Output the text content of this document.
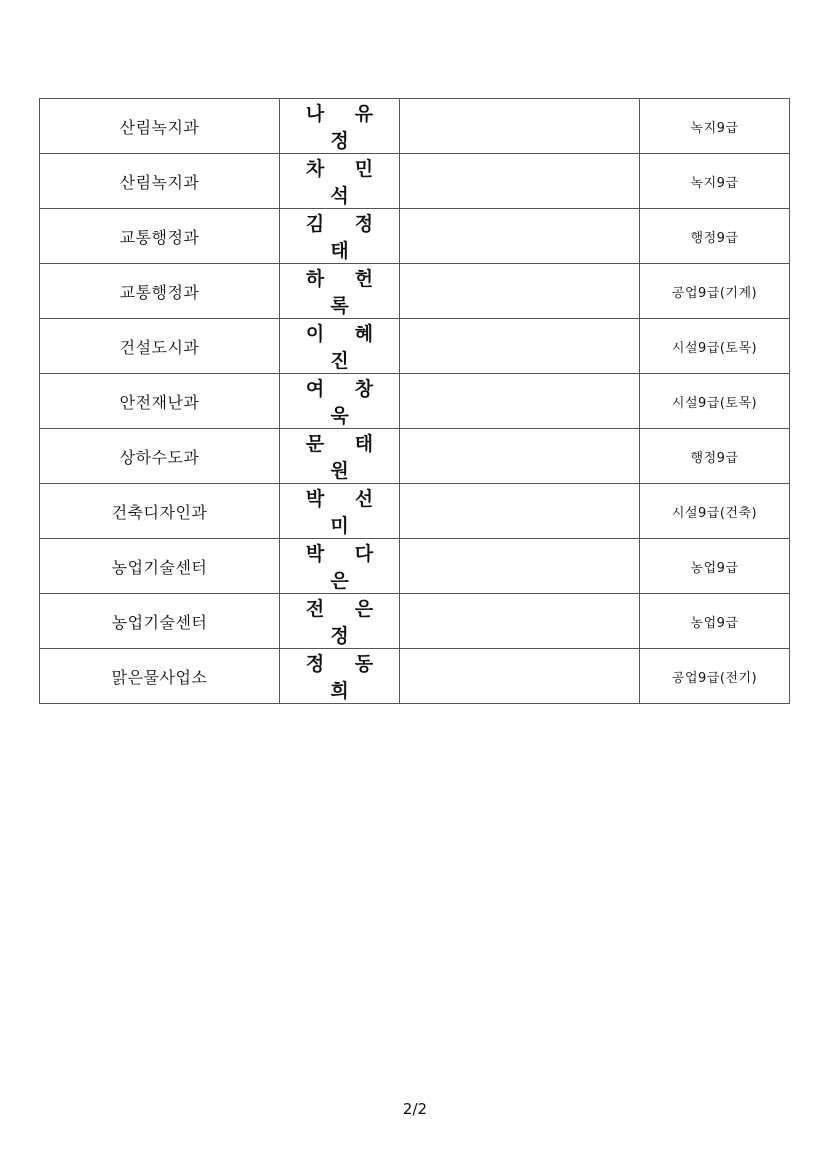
산림녹지과	나 유 정		녹지9급
산림녹지과	차 민 석		녹지9급
교통행정과	김 정 태		행정9급
교통행정과	하 헌 록		공업9급(기계)
건설도시과	이 혜 진		시설9급(토목)
안전재난과	여 창 욱		시설9급(토목)
상하수도과	문 태 원		행정9급
건축디자인과	박 선 미		시설9급(건축)
농업기술센터	박 다 은		농업9급
농업기술센터	전 은 정		농업9급
맑은물사업소	정 동 희		공업9급(전기)
2/2
